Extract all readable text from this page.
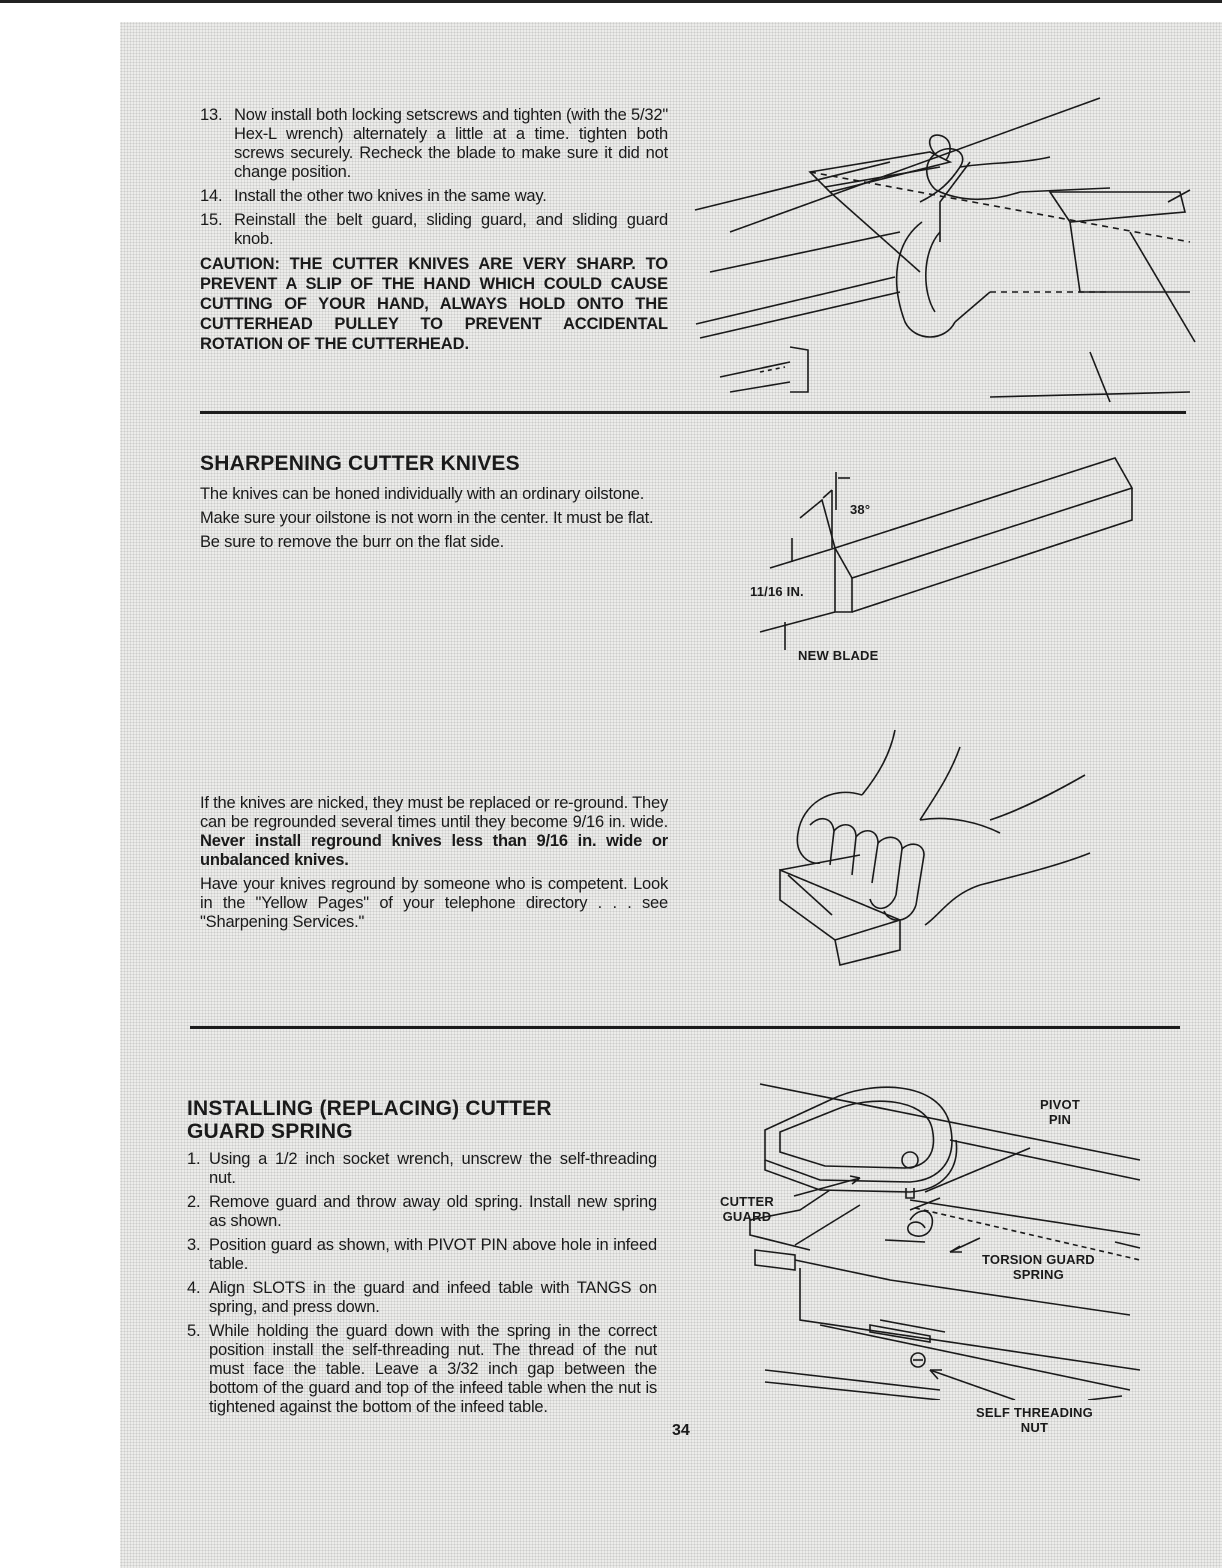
13. Now install both locking setscrews and tighten (with the 5/32" Hex-L wrench) alternately a little at a time. tighten both screws securely. Recheck the blade to make sure it did not change position.

14. Install the other two knives in the same way.

15. Reinstall the belt guard, sliding guard, and sliding guard knob.

CAUTION: THE CUTTER KNIVES ARE VERY SHARP. TO PREVENT A SLIP OF THE HAND WHICH COULD CAUSE CUTTING OF YOUR HAND, ALWAYS HOLD ONTO THE CUTTERHEAD PULLEY TO PREVENT ACCIDENTAL ROTATION OF THE CUTTERHEAD.

SHARPENING CUTTER KNIVES

The knives can be honed individually with an ordinary oilstone.

Make sure your oilstone is not worn in the center. It must be flat.

Be sure to remove the burr on the flat side.

38°
11/16 IN.
NEW BLADE

If the knives are nicked, they must be replaced or re-ground. They can be regrounded several times until they become 9/16 in. wide. Never install reground knives less than 9/16 in. wide or unbalanced knives.

Have your knives reground by someone who is competent. Look in the "Yellow Pages" of your telephone directory . . . see "Sharpening Services."

INSTALLING (REPLACING) CUTTER
GUARD SPRING

1. Using a 1/2 inch socket wrench, unscrew the self-threading nut.

2. Remove guard and throw away old spring. Install new spring as shown.

3. Position guard as shown, with PIVOT PIN above hole in infeed table.

4. Align SLOTS in the guard and infeed table with TANGS on spring, and press down.

5. While holding the guard down with the spring in the correct position install the self-threading nut. The thread of the nut must face the table. Leave a 3/32 inch gap between the bottom of the guard and top of the infeed table when the nut is tightened against the bottom of the infeed table.

PIVOT
PIN
CUTTER
GUARD
TORSION GUARD
SPRING
SELF THREADING
NUT
34
